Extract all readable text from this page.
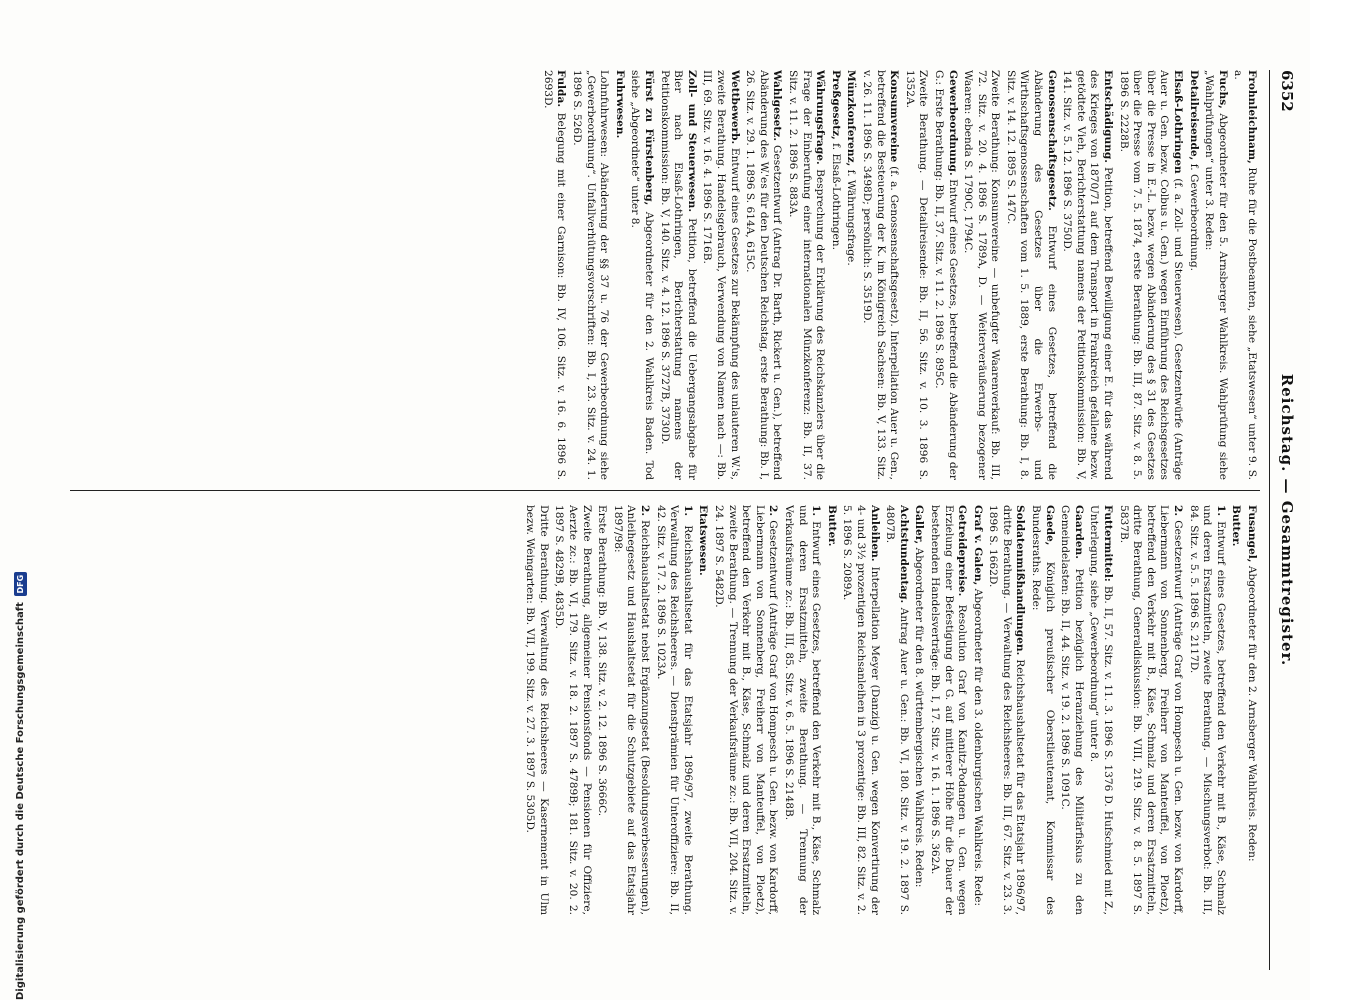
6352
Reichstag. — Gesammtregister.
Frohnleichnam, Ruhe für die Postbeamten, siehe „Etatswesen“ unter 9. S. a.
Fuchs, Abgeordneter für den 5. Arnsberger Wahlkreis. Wahlprüfung siehe „Wahlprüfungen“ unter 3. Reden:
Detailreisende, f. Gewerbeordnung.
Elsaß-Lothringen (f. a. Zoll- und Steuerwesen). Gesetzentwürfe (Anträge Auer u. Gen. bezw. Colbus u. Gen.) wegen Einführung des Reichsgesetzes über die Presse in E.-L. bezw. wegen Abänderung des § 31 des Gesetzes über die Presse vom 7. 5. 1874, erste Berathung: Bb. III, 87. Sitz. v. 8. 5. 1896 S. 2228B.
Entschädigung. Petition, betreffend Bewilligung einer E. für das während des Krieges von 1870/71 auf dem Transport in Frankreich gefallene bezw. getödtete Vieh, Berichterstattung namens der Petitionskommission: Bb. V, 141. Sitz. v. 5. 12. 1896 S. 3750D.
Genossenschaftsgesetz. Entwurf eines Gesetzes, betreffend die Abänderung des Gesetzes über die Erwerbs- und Wirthschaftsgenossenschaften vom 1. 5. 1889, erste Berathung: Bb. I, 8. Sitz. v. 14. 12. 1895 S. 147C.
Zweite Berathung: Konsumvereine — unbefugter Waarenverkauf: Bb. III, 72. Sitz. v. 20. 4. 1896 S. 1789A, D. — Weiterveräußerung bezogener Waaren: ebenda S. 1790C, 1794C.
Gewerbeordnung. Entwurf eines Gesetzes, betreffend die Abänderung der G.: Erste Berathung: Bb. II, 37. Sitz. v. 11. 2. 1896 S. 895C.
Zweite Berathung. — Detailreisende: Bb. II, 56. Sitz. v. 10. 3. 1896 S. 1352A.
Konsumvereine (f. a. Genossenschaftsgesetz). Interpellation Auer u. Gen., betreffend die Besteuerung der K. im Königreich Sachsen: Bb. V, 133. Sitz. v. 26. 11. 1896 S. 3498D; persönlich: S. 3519D.
Münzkonferenz, f. Währungsfrage.
Preßgesetz, f. Elsaß-Lothringen.
Währungsfrage. Besprechung der Erklärung des Reichskanzlers über die Frage der Einberufung einer internationalen Münzkonferenz: Bb. II, 37. Sitz. v. 11. 2. 1896 S. 883A.
Wahlgesetz. Gesetzentwurf (Antrag Dr. Barth, Rickert u. Gen.), betreffend Abänderung des W.'es für den Deutschen Reichstag, erste Berathung: Bb. I, 26. Sitz. v. 29. 1. 1896 S. 614A, 615C.
Wettbewerb. Entwurf eines Gesetzes zur Bekämpfung des unlauteren W.'s, zweite Berathung. Handelsgebrauch, Verwendung von Namen nach —: Bb. III, 69. Sitz. v. 16. 4. 1896 S. 1716B.
Zoll- und Steuerwesen. Petition, betreffend die Uebergangsabgabe für Bier nach Elsaß-Lothringen, Berichterstattung namens der Petitionskommission: Bb. V, 140. Sitz. v. 4. 12. 1896 S. 3727B, 3730D.
Fürst zu Fürstenberg, Abgeordneter für den 2. Wahlkreis Baden. Tod siehe „Abgeordnete“ unter 8.
Fuhrwesen.
Lohnfuhrwesen: Abänderung der §§ 37 u. 76 der Gewerbeordnung siehe „Gewerbeordnung“. Unfallverhütungsvorschriften: Bb. I, 23. Sitz. v. 24. 1. 1896 S. 526D.
Fulda. Belegung mit einer Garnison: Bb. IV, 106. Sitz. v. 16. 6. 1896 S. 2693D.
Fusangel, Abgeordneter für den 2. Arnsberger Wahlkreis. Reden:
Butter.
1. Entwurf eines Gesetzes, betreffend den Verkehr mit B., Käse, Schmalz und deren Ersatzmitteln, zweite Berathung. — Mischungsverbot: Bb. III, 84. Sitz. v. 5. 5. 1896 S. 2117D.
2. Gesetzentwurf (Anträge Graf von Hompesch u. Gen. bezw. von Kardorff, Liebermann von Sonnenberg, Freiherr von Manteuffel, von Ploetz), betreffend den Verkehr mit B., Käse, Schmalz und deren Ersatzmitteln, dritte Berathung, Generaldiskussion: Bb. VIII, 219. Sitz. v. 8. 5. 1897 S. 5837B.
Futtermittel: Bb. II, 57. Sitz. v. 11. 3. 1896 S. 1376 D. Hufschmied mit Z., Unterlegung, siehe „Gewerbeordnung“ unter 8.
Gaarden. Petition bezüglich Heranziehung des Militärfiskus zu den Gemeindelasten: Bb. II, 44. Sitz. v. 19. 2. 1896 S. 1091C.
Gaede, Königlich preußischer Oberstlieutenant, Kommissar des Bundesraths. Rede:
Soldatenmißhandlungen. Reichshaushaltsetat für das Etatsjahr 1896/97, dritte Berathung. — Verwaltung des Reichsheeres: Bb. III, 67. Sitz. v. 23. 3. 1896 S. 1662D.
Graf v. Galen, Abgeordneter für den 3. oldenburgischen Wahlkreis. Rede:
Getreidepreise. Resolution Graf von Kanitz-Podangen u. Gen. wegen Erzielung einer Befestigung der G. auf mittlerer Höhe für die Dauer der bestehenden Handelsverträge: Bb. I, 17. Sitz. v. 16. 1. 1896 S. 362A.
Galler, Abgeordneter für den 8. württembergischen Wahlkreis. Reden:
Achtstundentag. Antrag Auer u. Gen.: Bb. VI, 180. Sitz. v. 19. 2. 1897 S. 4807B.
Anleihen. Interpellation Meyer (Danzig) u. Gen. wegen Konvertirung der 4- und 3½ prozentigen Reichsanleihen in 3 prozentige: Bb. III, 82. Sitz. v. 2. 5. 1896 S. 2089A.
Butter.
1. Entwurf eines Gesetzes, betreffend den Verkehr mit B., Käse, Schmalz und deren Ersatzmitteln, zweite Berathung. — Trennung der Verkaufsräume zc.: Bb. III, 85. Sitz. v. 6. 5. 1896 S. 2148B.
2. Gesetzentwurf (Anträge Graf von Hompesch u. Gen. bezw. von Kardorff, Liebermann von Sonnenberg, Freiherr von Manteuffel, von Ploetz), betreffend den Verkehr mit B., Käse, Schmalz und deren Ersatzmitteln, zweite Berathung. — Trennung der Verkaufsräume zc.: Bb. VII, 204. Sitz. v. 24. 1897 S. 5482D.
Etatswesen.
1. Reichshaushaltsetat für das Etatsjahr 1896/97, zweite Berathung. Verwaltung des Reichsheeres. — Dienstprämien für Unteroffiziere: Bb. II, 42. Sitz. v. 17. 2. 1896 S. 1023A.
2. Reichshaushaltsetat nebst Ergänzungsetat (Besoldungsverbesserungen), Anleihegesetz und Haushaltsetat für die Schutzgebiete auf das Etatsjahr 1897/98:
Erste Berathung: Bb. V, 138. Sitz. v. 2. 12. 1896 S. 3666C.
Zweite Berathung, allgemeiner Pensionsfonds — Pensionen für Offiziere, Aerzte zc.: Bb. VI, 179. Sitz. v. 18. 2. 1897 S. 4789B; 181. Sitz. v. 20. 2. 1897 S. 4829B, 4835D.
Dritte Berathung. Verwaltung des Reichsheeres — Kasernement in Ulm bezw. Weingarten: Bb. VII, 199. Sitz. v. 27. 3. 1897 S. 5305D.
Digitalisierung gefördert durch die Deutsche Forschungsgemeinschaft
DFG
